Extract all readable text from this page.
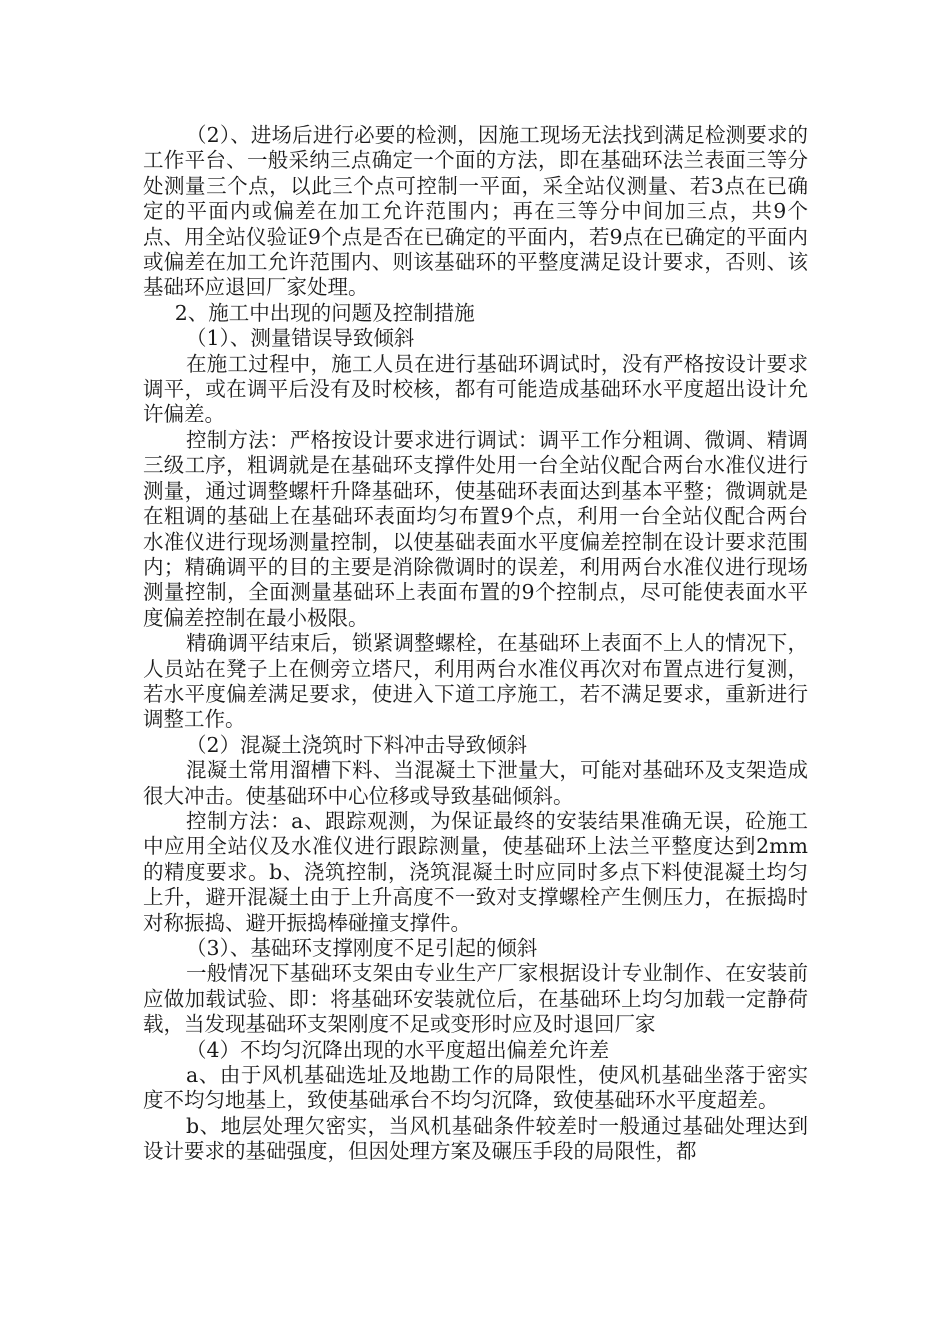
（2）、进场后进行必要的检测，因施工现场无法找到满足检测要求的工作平台、一般采纳三点确定一个面的方法，即在基础环法兰表面三等分处测量三个点，以此三个点可控制一平面，采全站仪测量、若3点在已确定的平面内或偏差在加工允许范围内；再在三等分中间加三点，共9个点、用全站仪验证9个点是否在已确定的平面内，若9点在已确定的平面内或偏差在加工允许范围内、则该基础环的平整度满足设计要求，否则、该基础环应退回厂家处理。

2、施工中出现的问题及控制措施

（1）、测量错误导致倾斜

在施工过程中，施工人员在进行基础环调试时，没有严格按设计要求调平，或在调平后没有及时校核，都有可能造成基础环水平度超出设计允许偏差。

控制方法：严格按设计要求进行调试：调平工作分粗调、微调、精调三级工序，粗调就是在基础环支撑件处用一台全站仪配合两台水准仪进行测量，通过调整螺杆升降基础环，使基础环表面达到基本平整；微调就是在粗调的基础上在基础环表面均匀布置9个点，利用一台全站仪配合两台水准仪进行现场测量控制，以使基础表面水平度偏差控制在设计要求范围内；精确调平的目的主要是消除微调时的误差，利用两台水准仪进行现场测量控制，全面测量基础环上表面布置的9个控制点，尽可能使表面水平度偏差控制在最小极限。

精确调平结束后，锁紧调整螺栓，在基础环上表面不上人的情况下，人员站在凳子上在侧旁立塔尺，利用两台水准仪再次对布置点进行复测，若水平度偏差满足要求，使进入下道工序施工，若不满足要求，重新进行调整工作。

（2）混凝土浇筑时下料冲击导致倾斜

混凝土常用溜槽下料、当混凝土下泄量大，可能对基础环及支架造成很大冲击。使基础环中心位移或导致基础倾斜。

控制方法：a、跟踪观测，为保证最终的安装结果准确无误，砼施工中应用全站仪及水准仪进行跟踪测量，使基础环上法兰平整度达到2mm的精度要求。b、浇筑控制，浇筑混凝土时应同时多点下料使混凝土均匀上升，避开混凝土由于上升高度不一致对支撑螺栓产生侧压力，在振捣时对称振捣、避开振捣棒碰撞支撑件。

（3）、基础环支撑刚度不足引起的倾斜

一般情况下基础环支架由专业生产厂家根据设计专业制作、在安装前应做加载试验、即：将基础环安装就位后，在基础环上均匀加载一定静荷载，当发现基础环支架刚度不足或变形时应及时退回厂家

（4）不均匀沉降出现的水平度超出偏差允许差

a、由于风机基础选址及地勘工作的局限性，使风机基础坐落于密实度不均匀地基上，致使基础承台不均匀沉降，致使基础环水平度超差。

b、地层处理欠密实，当风机基础条件较差时一般通过基础处理达到设计要求的基础强度，但因处理方案及碾压手段的局限性，都
